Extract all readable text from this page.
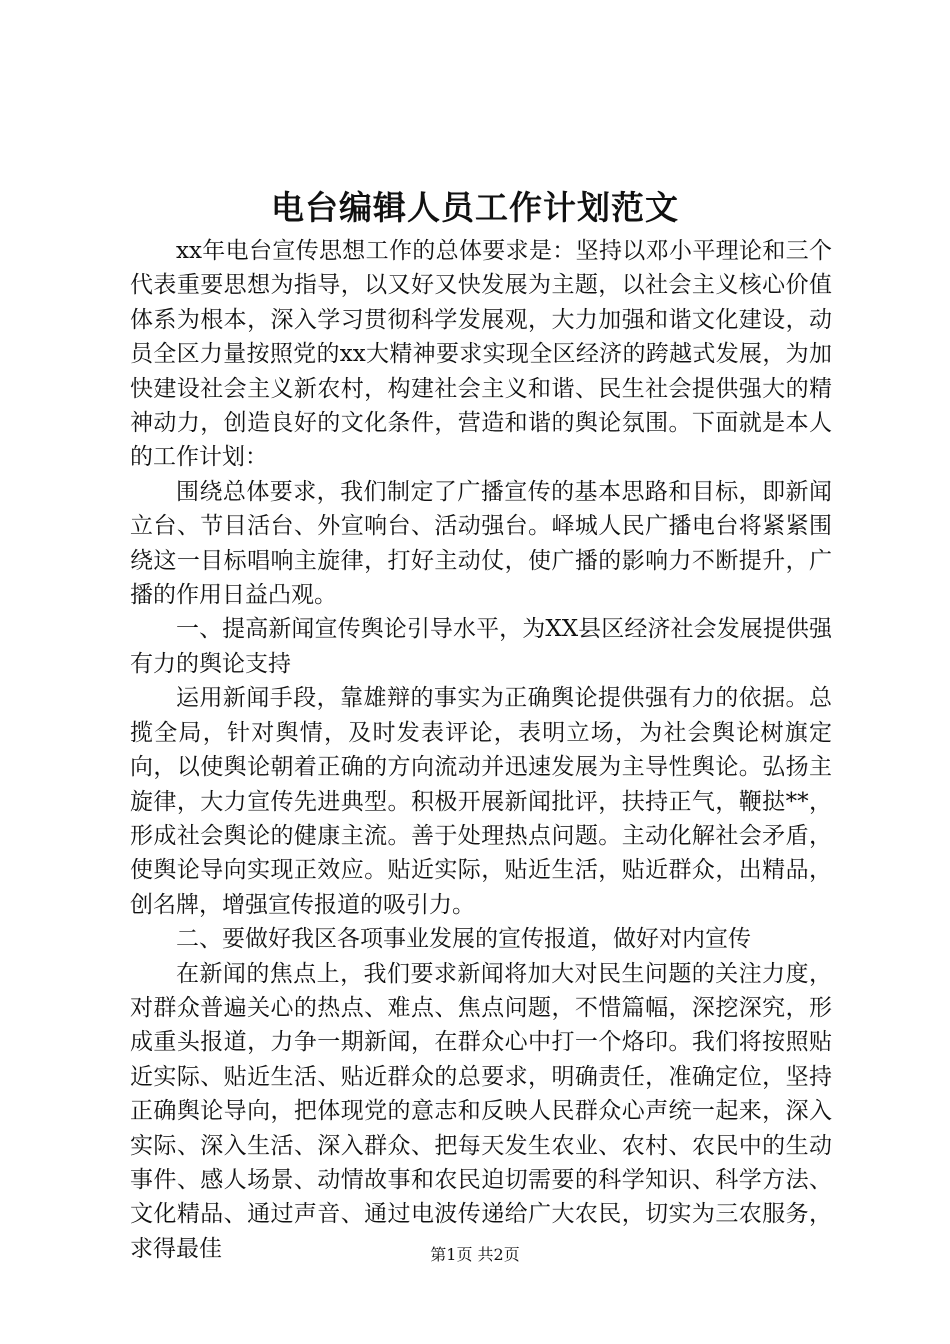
电台编辑人员工作计划范文

xx年电台宣传思想工作的总体要求是：坚持以邓小平理论和三个代表重要思想为指导，以又好又快发展为主题，以社会主义核心价值体系为根本，深入学习贯彻科学发展观，大力加强和谐文化建设，动员全区力量按照党的xx大精神要求实现全区经济的跨越式发展，为加快建设社会主义新农村，构建社会主义和谐、民生社会提供强大的精神动力，创造良好的文化条件，营造和谐的舆论氛围。下面就是本人的工作计划：

围绕总体要求，我们制定了广播宣传的基本思路和目标，即新闻立台、节目活台、外宣响台、活动强台。峄城人民广播电台将紧紧围绕这一目标唱响主旋律，打好主动仗，使广播的影响力不断提升，广播的作用日益凸观。

一、提高新闻宣传舆论引导水平，为XX县区经济社会发展提供强有力的舆论支持

运用新闻手段，靠雄辩的事实为正确舆论提供强有力的依据。总揽全局，针对舆情，及时发表评论，表明立场，为社会舆论树旗定向，以使舆论朝着正确的方向流动并迅速发展为主导性舆论。弘扬主旋律，大力宣传先进典型。积极开展新闻批评，扶持正气，鞭挞**，形成社会舆论的健康主流。善于处理热点问题。主动化解社会矛盾，使舆论导向实现正效应。贴近实际，贴近生活，贴近群众，出精品，创名牌，增强宣传报道的吸引力。

二、要做好我区各项事业发展的宣传报道，做好对内宣传

在新闻的焦点上，我们要求新闻将加大对民生问题的关注力度，对群众普遍关心的热点、难点、焦点问题，不惜篇幅，深挖深究，形成重头报道，力争一期新闻，在群众心中打一个烙印。我们将按照贴近实际、贴近生活、贴近群众的总要求，明确责任，准确定位，坚持正确舆论导向，把体现党的意志和反映人民群众心声统一起来，深入实际、深入生活、深入群众、把每天发生农业、农村、农民中的生动事件、感人场景、动情故事和农民迫切需要的科学知识、科学方法、文化精品、通过声音、通过电波传递给广大农民，切实为三农服务，求得最佳	第1页 共2页
